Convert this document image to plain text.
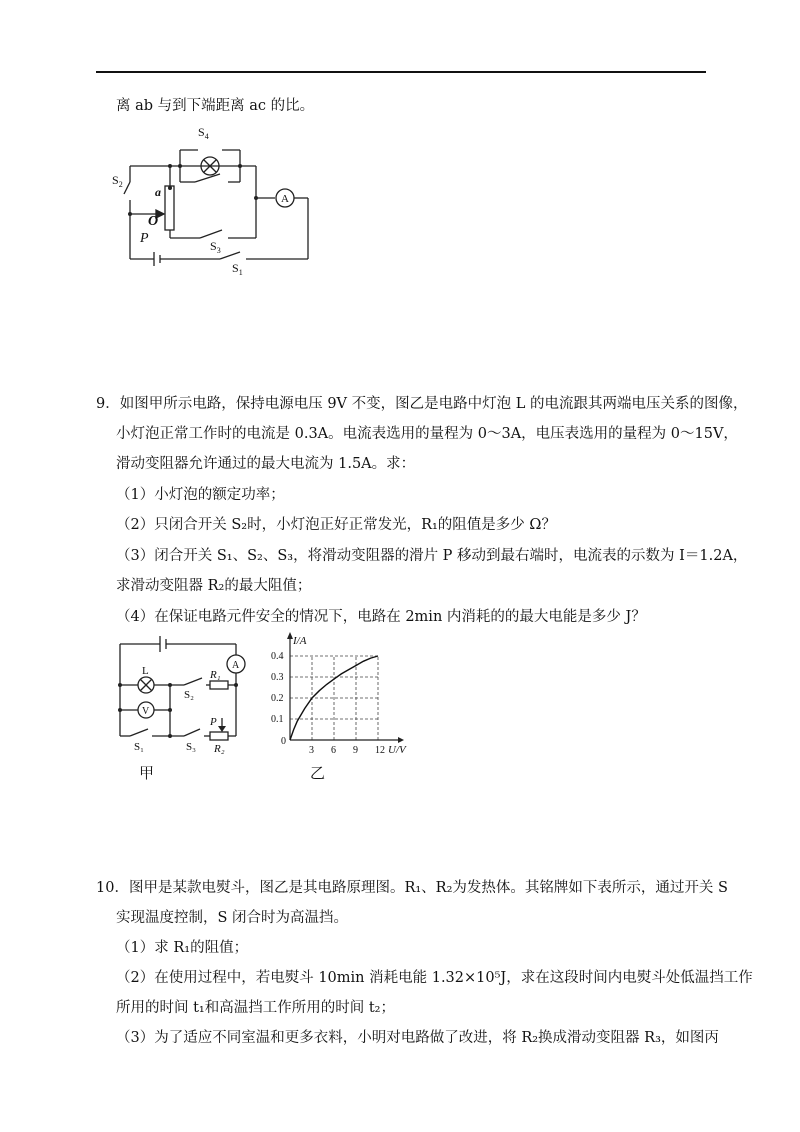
离 ab 与到下端距离 ac 的比。
$S_4$
$S_2$
a
O
P	$S_3$
$S_1$
A
9．如图甲所示电路，保持电源电压 9V 不变，图乙是电路中灯泡 L 的电流跟其两端电压关系的图像，
小灯泡正常工作时的电流是 0.3A。电流表选用的量程为 0～3A，电压表选用的量程为 0～15V，
滑动变阻器允许通过的最大电流为 1.5A。求：
（1）小灯泡的额定功率；
（2）只闭合开关 S₂时，小灯泡正好正常发光，R₁的阻值是多少 Ω？
（3）闭合开关 S₁、S₂、S₃，将滑动变阻器的滑片 P 移动到最右端时，电流表的示数为 I＝1.2A，
求滑动变阻器 R₂的最大阻值；
（4）在保证电路元件安全的情况下，电路在 2min 内消耗的的最大电能是多少 J？
L	A
V
R₁
S₂
P
S₁	S₃ R₂	3 6 9 12
0.1
0.2
0.3
0.4
0
I/A
U/V
甲	乙
10．图甲是某款电熨斗，图乙是其电路原理图。R₁、R₂为发热体。其铭牌如下表所示，通过开关 S
实现温度控制，S 闭合时为高温挡。
（1）求 R₁的阻值；
（2）在使用过程中，若电熨斗 10min 消耗电能 1.32×10⁵J，求在这段时间内电熨斗处低温挡工作
所用的时间 t₁和高温挡工作所用的时间 t₂；
（3）为了适应不同室温和更多衣料，小明对电路做了改进，将 R₂换成滑动变阻器 R₃，如图丙
